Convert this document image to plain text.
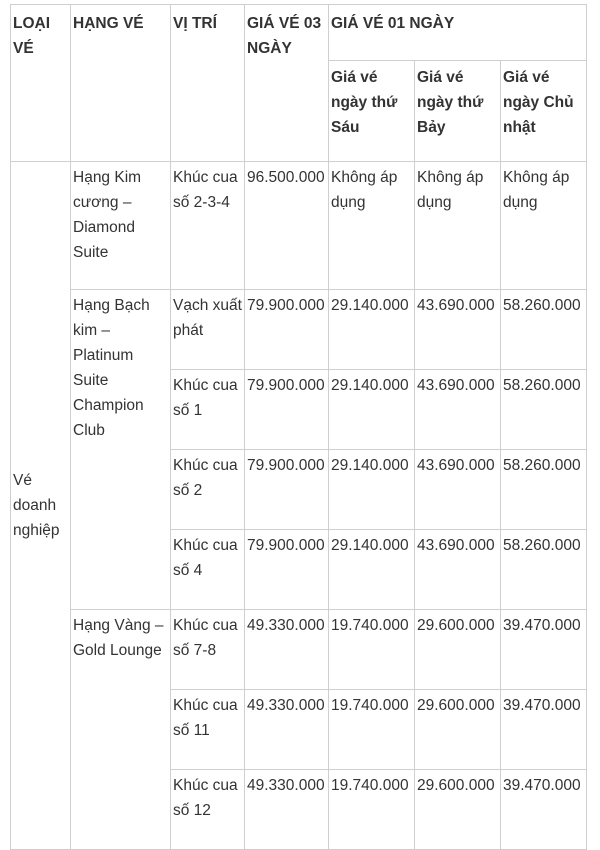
LOẠI VÉ	HẠNG VÉ	VỊ TRÍ	GIÁ VÉ 03 NGÀY	GIÁ VÉ 01 NGÀY		
				Giá vé ngày thứ Sáu	Giá vé ngày thứ Bảy	Giá vé ngày Chủ nhật
Vé doanh nghiệp	Hạng Kim cương – Diamond Suite	Khúc cua số 2-3-4	96.500.000	Không áp dụng	Không áp dụng	Không áp dụng
	Hạng Bạch kim – Platinum Suite Champion Club	Vạch xuất phát	79.900.000	29.140.000	43.690.000	58.260.000
		Khúc cua số 1	79.900.000	29.140.000	43.690.000	58.260.000
		Khúc cua số 2	79.900.000	29.140.000	43.690.000	58.260.000
		Khúc cua số 4	79.900.000	29.140.000	43.690.000	58.260.000
	Hạng Vàng – Gold Lounge	Khúc cua số 7-8	49.330.000	19.740.000	29.600.000	39.470.000
		Khúc cua số 11	49.330.000	19.740.000	29.600.000	39.470.000
		Khúc cua số 12	49.330.000	19.740.000	29.600.000	39.470.000
